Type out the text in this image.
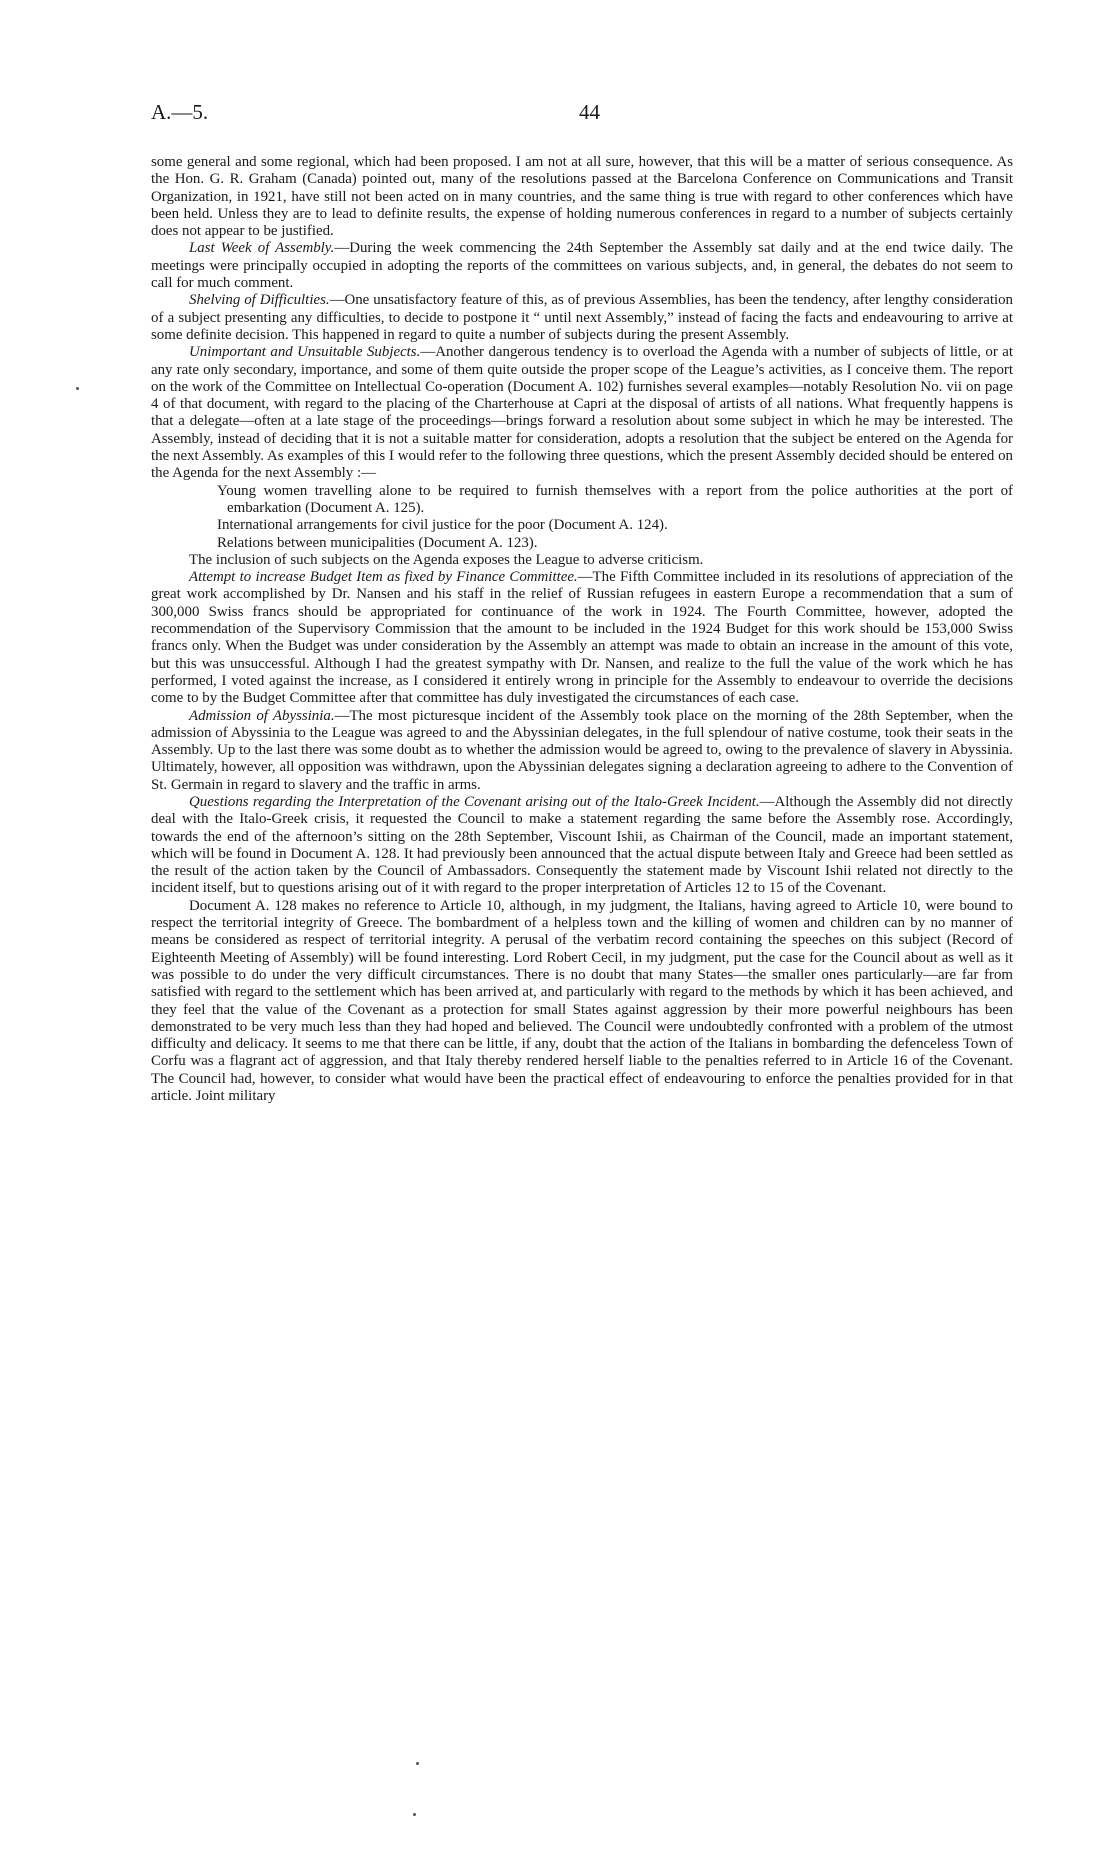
A.—5.	44

some general and some regional, which had been proposed. I am not at all sure, however, that this will be a matter of serious consequence. As the Hon. G. R. Graham (Canada) pointed out, many of the resolutions passed at the Barcelona Conference on Communications and Transit Organization, in 1921, have still not been acted on in many countries, and the same thing is true with regard to other conferences which have been held. Unless they are to lead to definite results, the expense of holding numerous conferences in regard to a number of subjects certainly does not appear to be justified.

Last Week of Assembly.—During the week commencing the 24th September the Assembly sat daily and at the end twice daily. The meetings were principally occupied in adopting the reports of the committees on various subjects, and, in general, the debates do not seem to call for much comment.

Shelving of Difficulties.—One unsatisfactory feature of this, as of previous Assemblies, has been the tendency, after lengthy consideration of a subject presenting any difficulties, to decide to postpone it “ until next Assembly,” instead of facing the facts and endeavouring to arrive at some definite decision. This happened in regard to quite a number of subjects during the present Assembly.

Unimportant and Unsuitable Subjects.—Another dangerous tendency is to overload the Agenda with a number of subjects of little, or at any rate only secondary, importance, and some of them quite outside the proper scope of the League’s activities, as I conceive them. The report on the work of the Committee on Intellectual Co-operation (Document A. 102) furnishes several examples—notably Resolution No. vii on page 4 of that document, with regard to the placing of the Charterhouse at Capri at the disposal of artists of all nations. What frequently happens is that a delegate—often at a late stage of the proceedings—brings forward a resolution about some subject in which he may be interested. The Assembly, instead of deciding that it is not a suitable matter for consideration, adopts a resolution that the subject be entered on the Agenda for the next Assembly. As examples of this I would refer to the following three questions, which the present Assembly decided should be entered on the Agenda for the next Assembly :—

Young women travelling alone to be required to furnish themselves with a report from the police authorities at the port of embarkation (Document A. 125).

International arrangements for civil justice for the poor (Document A. 124).

Relations between municipalities (Document A. 123).

The inclusion of such subjects on the Agenda exposes the League to adverse criticism.

Attempt to increase Budget Item as fixed by Finance Committee.—The Fifth Committee included in its resolutions of appreciation of the great work accomplished by Dr. Nansen and his staff in the relief of Russian refugees in eastern Europe a recommendation that a sum of 300,000 Swiss francs should be appropriated for continuance of the work in 1924. The Fourth Committee, however, adopted the recommendation of the Supervisory Commission that the amount to be included in the 1924 Budget for this work should be 153,000 Swiss francs only. When the Budget was under consideration by the Assembly an attempt was made to obtain an increase in the amount of this vote, but this was unsuccessful. Although I had the greatest sympathy with Dr. Nansen, and realize to the full the value of the work which he has performed, I voted against the increase, as I considered it entirely wrong in principle for the Assembly to endeavour to override the decisions come to by the Budget Committee after that committee has duly investigated the circumstances of each case.

Admission of Abyssinia.—The most picturesque incident of the Assembly took place on the morning of the 28th September, when the admission of Abyssinia to the League was agreed to and the Abyssinian delegates, in the full splendour of native costume, took their seats in the Assembly. Up to the last there was some doubt as to whether the admission would be agreed to, owing to the prevalence of slavery in Abyssinia. Ultimately, however, all opposition was withdrawn, upon the Abyssinian delegates signing a declaration agreeing to adhere to the Convention of St. Germain in regard to slavery and the traffic in arms.

Questions regarding the Interpretation of the Covenant arising out of the Italo-Greek Incident.—Although the Assembly did not directly deal with the Italo-Greek crisis, it requested the Council to make a statement regarding the same before the Assembly rose. Accordingly, towards the end of the afternoon’s sitting on the 28th September, Viscount Ishii, as Chairman of the Council, made an important statement, which will be found in Document A. 128. It had previously been announced that the actual dispute between Italy and Greece had been settled as the result of the action taken by the Council of Ambassadors. Consequently the statement made by Viscount Ishii related not directly to the incident itself, but to questions arising out of it with regard to the proper interpretation of Articles 12 to 15 of the Covenant.

Document A. 128 makes no reference to Article 10, although, in my judgment, the Italians, having agreed to Article 10, were bound to respect the territorial integrity of Greece. The bombardment of a helpless town and the killing of women and children can by no manner of means be considered as respect of territorial integrity. A perusal of the verbatim record containing the speeches on this subject (Record of Eighteenth Meeting of Assembly) will be found interesting. Lord Robert Cecil, in my judgment, put the case for the Council about as well as it was possible to do under the very difficult circumstances. There is no doubt that many States—the smaller ones particularly—are far from satisfied with regard to the settlement which has been arrived at, and particularly with regard to the methods by which it has been achieved, and they feel that the value of the Covenant as a protection for small States against aggression by their more powerful neighbours has been demonstrated to be very much less than they had hoped and believed. The Council were undoubtedly confronted with a problem of the utmost difficulty and delicacy. It seems to me that there can be little, if any, doubt that the action of the Italians in bombarding the defenceless Town of Corfu was a flagrant act of aggression, and that Italy thereby rendered herself liable to the penalties referred to in Article 16 of the Covenant. The Council had, however, to consider what would have been the practical effect of endeavouring to enforce the penalties provided for in that article. Joint military
